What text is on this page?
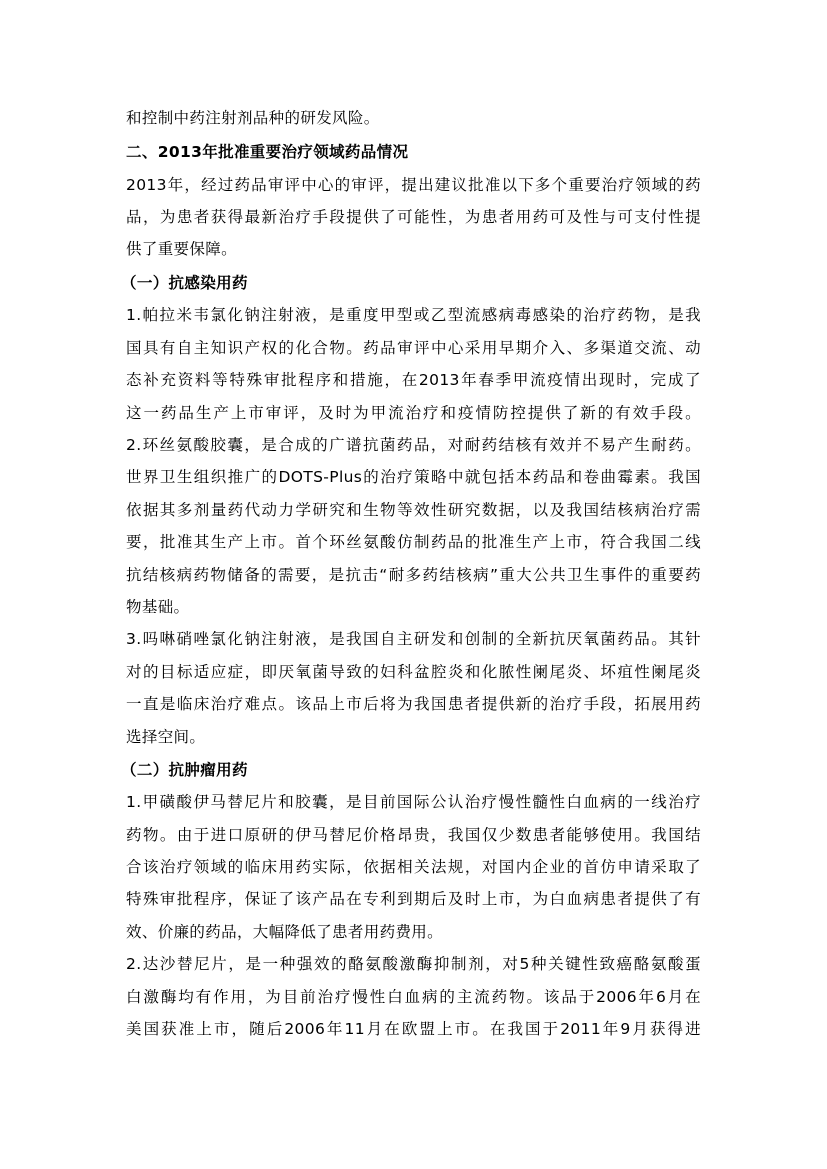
和控制中药注射剂品种的研发风险。
二、2013年批准重要治疗领域药品情况
2013年，经过药品审评中心的审评，提出建议批准以下多个重要治疗领域的药
品，为患者获得最新治疗手段提供了可能性，为患者用药可及性与可支付性提
供了重要保障。
（一）抗感染用药
1.帕拉米韦氯化钠注射液，是重度甲型或乙型流感病毒感染的治疗药物，是我
国具有自主知识产权的化合物。药品审评中心采用早期介入、多渠道交流、动
态补充资料等特殊审批程序和措施，在2013年春季甲流疫情出现时，完成了
这一药品生产上市审评，及时为甲流治疗和疫情防控提供了新的有效手段。
2.环丝氨酸胶囊，是合成的广谱抗菌药品，对耐药结核有效并不易产生耐药。
世界卫生组织推广的DOTS-Plus的治疗策略中就包括本药品和卷曲霉素。我国
依据其多剂量药代动力学研究和生物等效性研究数据，以及我国结核病治疗需
要，批准其生产上市。首个环丝氨酸仿制药品的批准生产上市，符合我国二线
抗结核病药物储备的需要，是抗击“耐多药结核病”重大公共卫生事件的重要药
物基础。
3.吗啉硝唑氯化钠注射液，是我国自主研发和创制的全新抗厌氧菌药品。其针
对的目标适应症，即厌氧菌导致的妇科盆腔炎和化脓性阑尾炎、坏疽性阑尾炎
一直是临床治疗难点。该品上市后将为我国患者提供新的治疗手段，拓展用药
选择空间。
（二）抗肿瘤用药
1.甲磺酸伊马替尼片和胶囊，是目前国际公认治疗慢性髓性白血病的一线治疗
药物。由于进口原研的伊马替尼价格昂贵，我国仅少数患者能够使用。我国结
合该治疗领域的临床用药实际，依据相关法规，对国内企业的首仿申请采取了
特殊审批程序，保证了该产品在专利到期后及时上市，为白血病患者提供了有
效、价廉的药品，大幅降低了患者用药费用。
2.达沙替尼片，是一种强效的酪氨酸激酶抑制剂，对5种关键性致癌酪氨酸蛋
白激酶均有作用，为目前治疗慢性白血病的主流药物。该品于2006年6月在
美国获准上市，随后2006年11月在欧盟上市。在我国于2011年9月获得进
